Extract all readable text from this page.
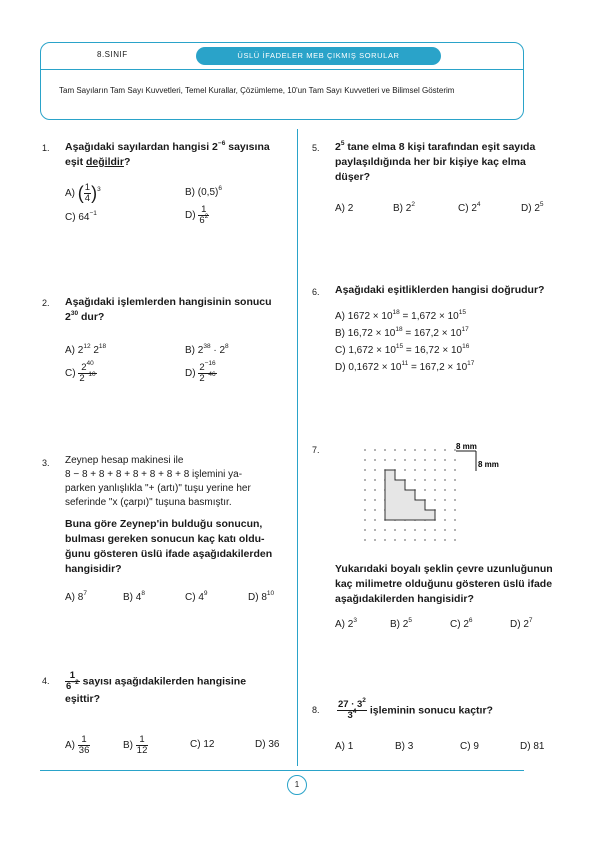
8.SINIF	ÜSLÜ İFADELER MEB ÇIKMIŞ SORULAR
Tam Sayıların Tam Sayı Kuvvetleri, Temel Kurallar, Çözümleme, 10'un Tam Sayı Kuvvetleri ve Bilimsel Gösterim
1. Aşağıdaki sayılardan hangisi $2^{-6}$ sayısına
eşit değildir?
A) ( $\frac{1}{4} )^3$	B) $(0,5)^6$
C) $64^{-1}$	$D) \frac{1}{6^2}$
2. Aşağıdaki işlemlerden hangisinin sonucu
$2^{30}$ dur?
A) $2^{12}$ $2^{18}$	B) $2^{38} \cdot 2^8$
$C) \frac{2^{40}}{2^{-10}}$	$D) \frac{2^{-16}}{2^{-46}}$
3. Zeynep hesap makinesi ile
8 − 8 + 8 + 8 + 8 + 8 + 8 + 8 işlemini ya-
parken yanlışlıkla "+ (artı)" tuşu yerine her
seferinde "x (çarpı)" tuşuna basmıştır.
Buna göre Zeynep'in bulduğu sonucun,
bulması gereken sonucun kaç katı oldu-
ğunu gösteren üslü ifade aşağıdakilerden
hangisidir?
A) $8^7$	B) $4^8$	C) $4^9$	D) $8^{10}$
4. $\frac{1}{6^{-2}}$ sayısı aşağıdakilerden hangisine
eşittir?
$A) \frac{1}{36}$	$B) \frac{1}{12}$	C) 12	D) 36
5. $2^5$ tane elma 8 kişi tarafından eşit sayıda
paylaşıldığında her bir kişiye kaç elma
düşer?
A) 2	B) $2^2$	C) $2^4$	D) $2^5$
6. Aşağıdaki eşitliklerden hangisi doğrudur?
A) $1672 \times 10^{18} = 1,672 \times 10^{15}$
B) $16,72 \times 10^{18} = 167,2 \times 10^{17}$
C) $1,672 \times 10^{15} = 16,72 \times 10^{16}$
D) $0,1672 \times 10^{11} = 167,2 \times 10^{17}$
7.	8 mm
8 mm
Yukarıdaki boyalı şeklin çevre uzunluğunun
kaç milimetre olduğunu gösteren üslü ifade
aşağıdakilerden hangisidir?
A) $2^3$	B) $2^5$	C) $2^6$	D) $2^7$
8. $\frac{27 \cdot 3^2}{3^4}$ işleminin sonucu kaçtır?
A) 1	B) 3	C) 9	D) 81
1
